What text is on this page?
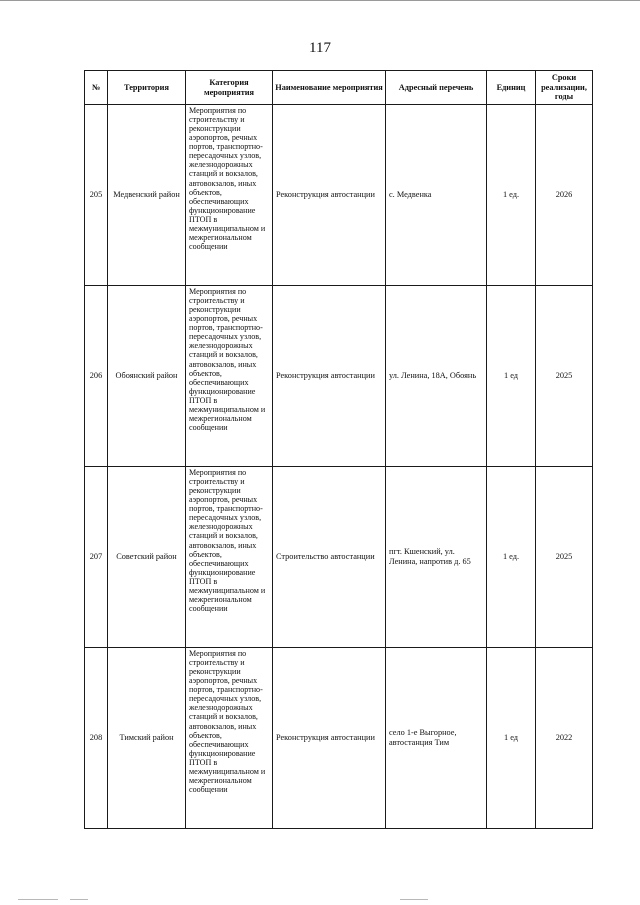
117
№	Территория	Категория мероприятия	Наименование мероприятия	Адресный перечень	Единиц	Сроки реализации, годы
205	Медвенский район	Мероприятия по строительству и реконструкции аэропортов, речных портов, транспортно-пересадочных узлов, железнодорожных станций и вокзалов, автовокзалов, иных объектов, обеспечивающих функционирование ПТОП в межмуниципальном и межрегиональном сообщении	Реконструкция автостанции	с. Медвенка	1 ед.	2026
206	Обоянский район	Мероприятия по строительству и реконструкции аэропортов, речных портов, транспортно-пересадочных узлов, железнодорожных станций и вокзалов, автовокзалов, иных объектов, обеспечивающих функционирование ПТОП в межмуниципальном и межрегиональном сообщении	Реконструкция автостанции	ул. Ленина, 18А, Обоянь	1 ед	2025
207	Советский район	Мероприятия по строительству и реконструкции аэропортов, речных портов, транспортно-пересадочных узлов, железнодорожных станций и вокзалов, автовокзалов, иных объектов, обеспечивающих функционирование ПТОП в межмуниципальном и межрегиональном сообщении	Строительство автостанции	пгт. Кшенский, ул. Ленина, напротив д. 65	1 ед.	2025
208	Тимский район	Мероприятия по строительству и реконструкции аэропортов, речных портов, транспортно-пересадочных узлов, железнодорожных станций и вокзалов, автовокзалов, иных объектов, обеспечивающих функционирование ПТОП в межмуниципальном и межрегиональном сообщении	Реконструкция автостанции	село 1-е Выгорное, автостанция Тим	1 ед	2022
